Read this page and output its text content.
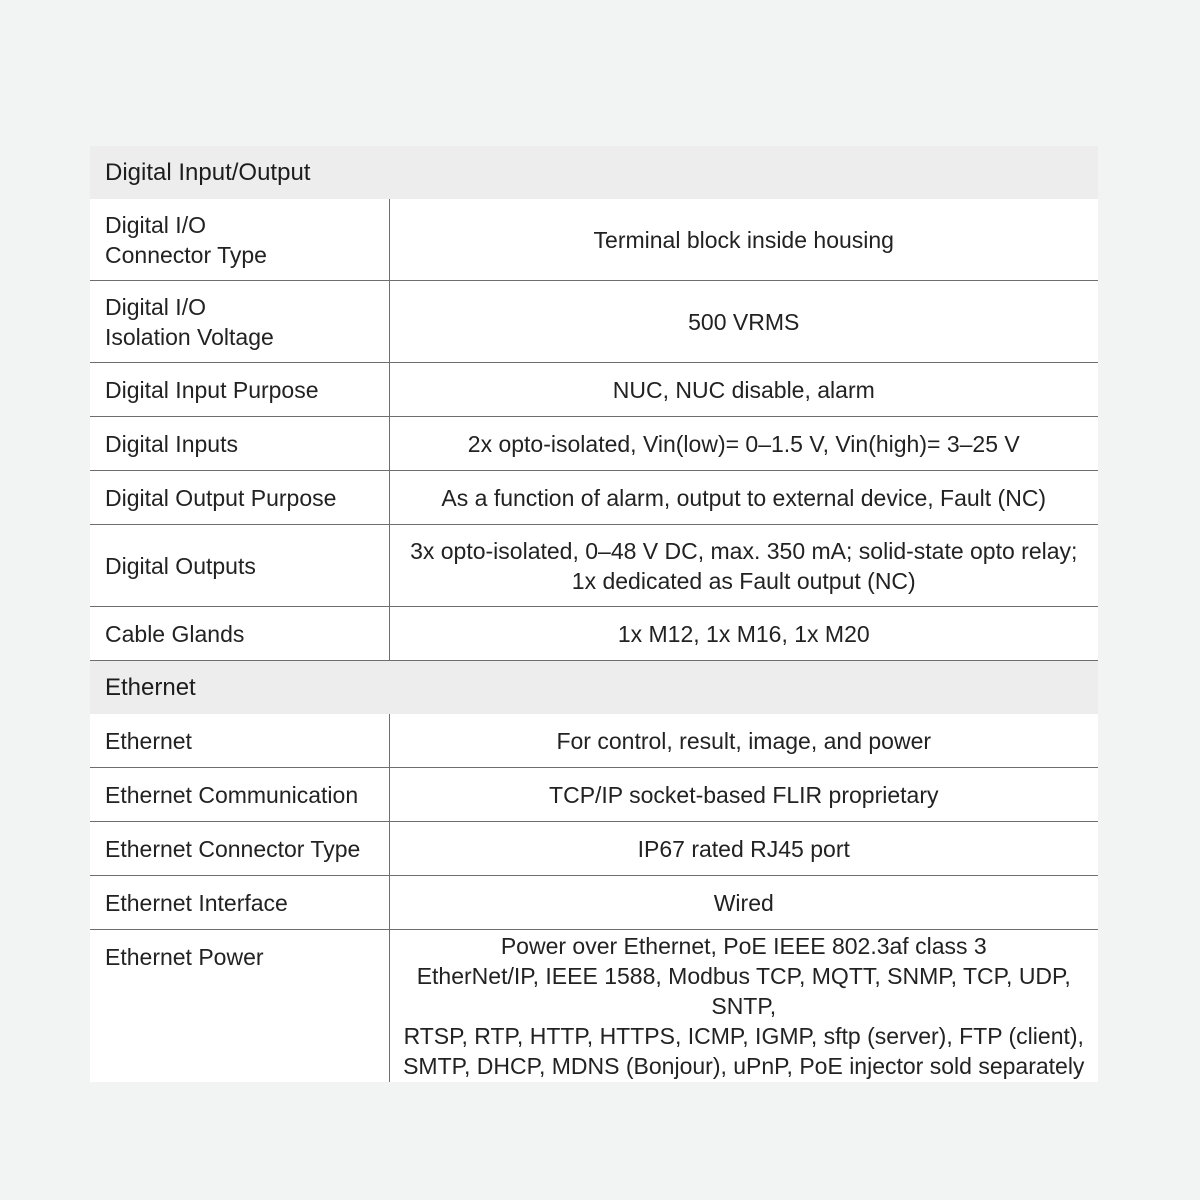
Digital Input/Output	

Digital I/O
Connector Type	Terminal block inside housing

Digital I/O
Isolation Voltage	500 VRMS
Digital Input Purpose	NUC, NUC disable, alarm
Digital Inputs	2x opto-isolated, Vin(low)= 0–1.5 V, Vin(high)= 3–25 V
Digital Output Purpose	As a function of alarm, output to external device, Fault (NC)
Digital Outputs	3x opto-isolated, 0–48 V DC, max. 350 mA; solid-state opto relay;
1x dedicated as Fault output (NC)

Cable Glands	1x M12, 1x M16, 1x M20
Ethernet	
Ethernet	For control, result, image, and power
Ethernet Communication	TCP/IP socket-based FLIR proprietary
Ethernet Connector Type	IP67 rated RJ45 port
Ethernet Interface	Wired
Ethernet Power	Power over Ethernet, PoE IEEE 802.3af class 3
EtherNet/IP, IEEE 1588, Modbus TCP, MQTT, SNMP, TCP, UDP, SNTP,
RTSP, RTP, HTTP, HTTPS, ICMP, IGMP, sftp (server), FTP (client),
SMTP, DHCP, MDNS (Bonjour), uPnP, PoE injector sold separately
